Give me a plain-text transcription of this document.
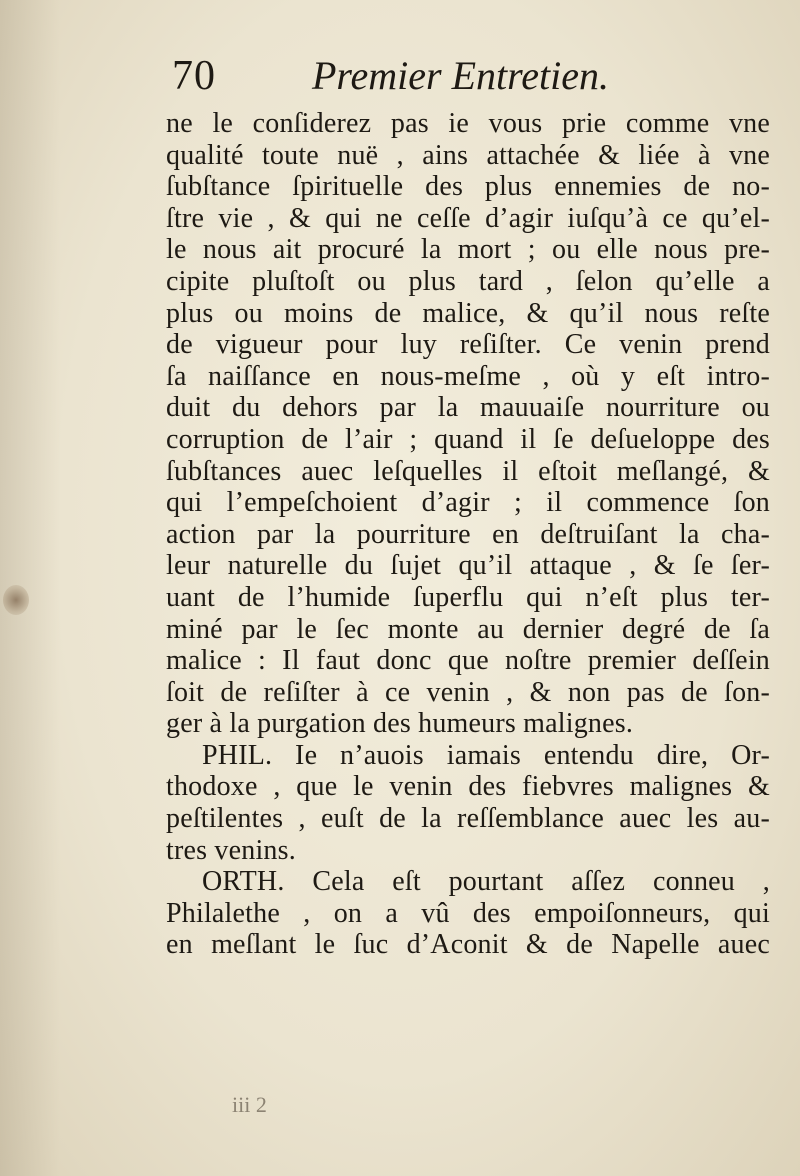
70 Premier Entretien.
ne le conſiderez pas ie vous prie comme vne
qualité toute nuë , ains attachée & liée à vne
ſubſtance ſpirituelle des plus ennemies de no-
ſtre vie , & qui ne ceſſe d’agir iuſqu’à ce qu’el-
le nous ait procuré la mort ; ou elle nous pre-
cipite pluſtoſt ou plus tard , ſelon qu’elle a
plus ou moins de malice, & qu’il nous reſte
de vigueur pour luy reſiſter. Ce venin prend
ſa naiſſance en nous-meſme , où y eſt intro-
duit du dehors par la mauuaiſe nourriture ou
corruption de l’air ; quand il ſe deſueloppe des
ſubſtances auec leſquelles il eſtoit meſlangé, &
qui l’empeſchoient d’agir ; il commence ſon
action par la pourriture en deſtruiſant la cha-
leur naturelle du ſujet qu’il attaque , & ſe ſer-
uant de l’humide ſuperflu qui n’eſt plus ter-
miné par le ſec monte au dernier degré de ſa
malice : Il faut donc que noſtre premier deſſein
ſoit de reſiſter à ce venin , & non pas de ſon-
ger à la purgation des humeurs malignes.
PHIL. Ie n’auois iamais entendu dire, Or-
thodoxe , que le venin des fiebvres malignes &
peſtilentes , euſt de la reſſemblance auec les au-
tres venins.
ORTH. Cela eſt pourtant aſſez conneu ,
Philalethe , on a vû des empoiſonneurs, qui
en meſlant le ſuc d’Aconit & de Napelle auec
iii 2
